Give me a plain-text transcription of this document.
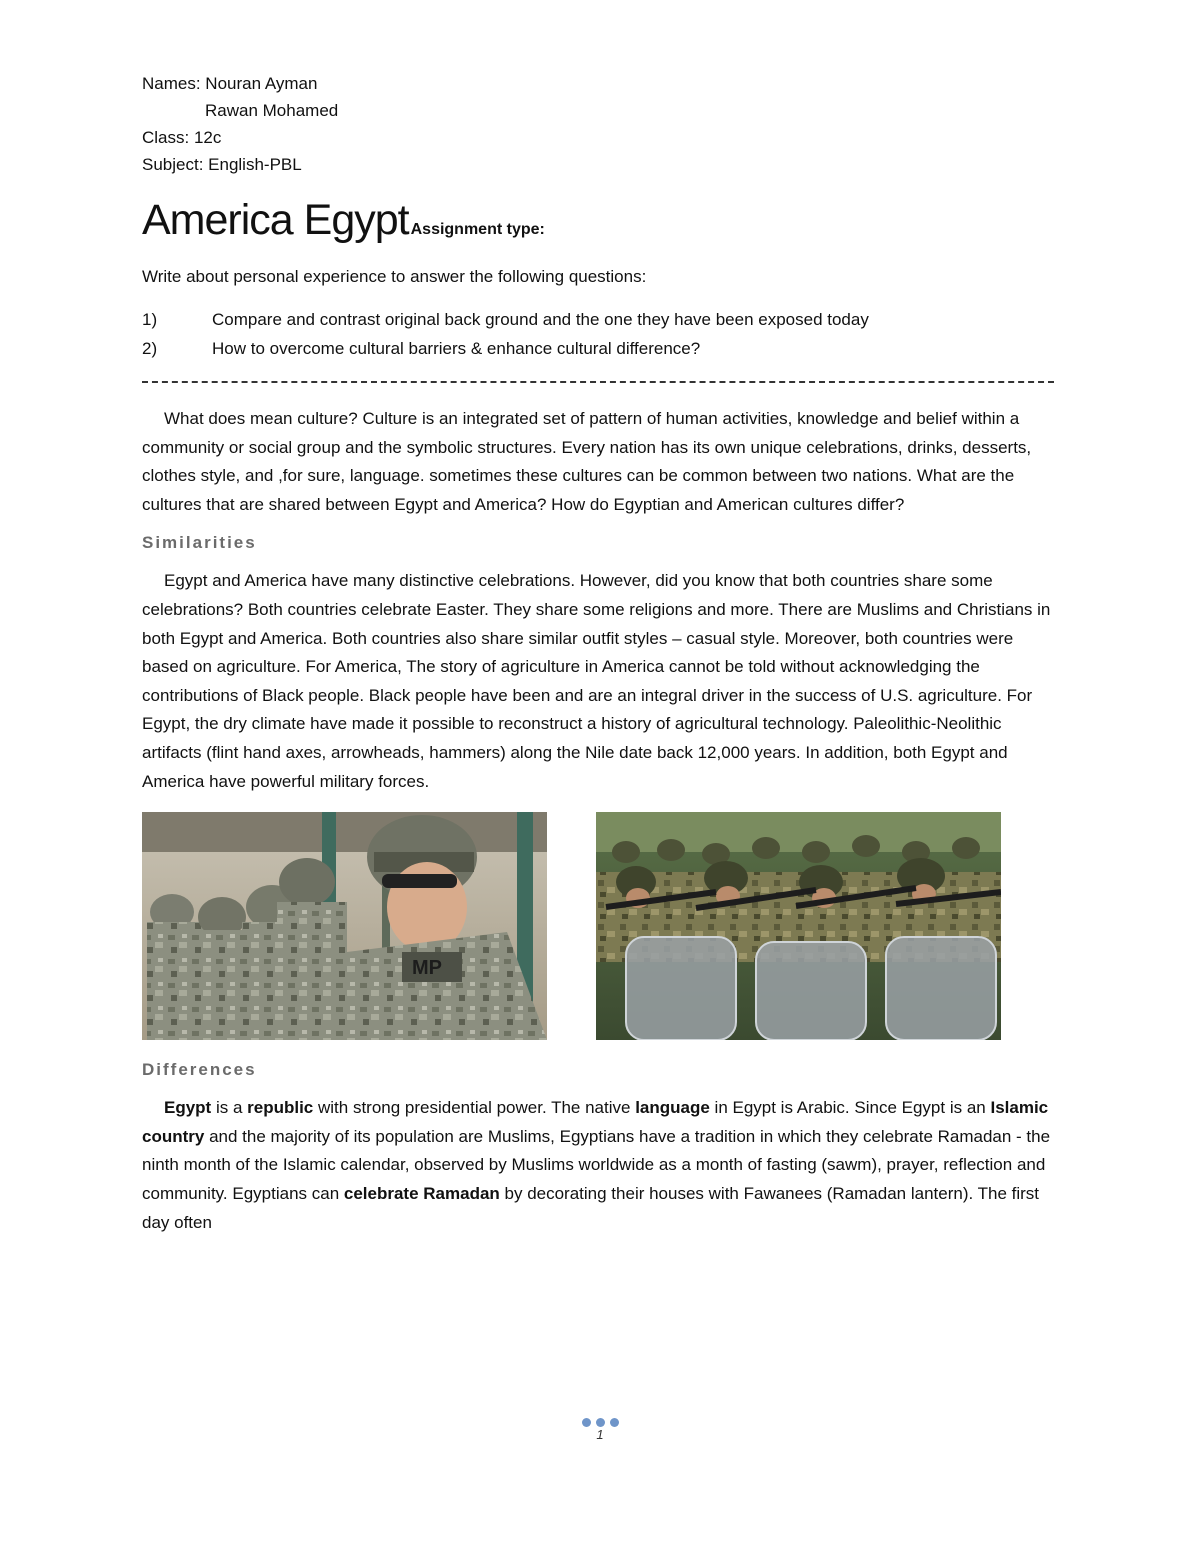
Names: Nouran Ayman

Rawan Mohamed

Class: 12c

Subject: English-PBL

America Egypt Assignment type:
Write about personal experience to answer the following questions:
1)	Compare and contrast original back ground and the one they have been exposed today
2)	How to overcome cultural barriers & enhance cultural difference?

What does mean culture? Culture is an integrated set of pattern of human activities, knowledge and belief within a community or social group and the symbolic structures. Every nation has its own unique celebrations, drinks, desserts, clothes style, and ,for sure, language. sometimes these cultures can be common between two nations. What are the cultures that are shared between Egypt and America? How do Egyptian and American cultures differ?

Similarities

Egypt and America have many distinctive celebrations. However, did you know that both countries share some celebrations? Both countries celebrate Easter. They share some religions and more. There are Muslims and Christians in both Egypt and America. Both countries also share similar outfit styles – casual style. Moreover, both countries were based on agriculture. For America, The story of agriculture in America cannot be told without acknowledging the contributions of Black people. Black people have been and are an integral driver in the success of U.S. agriculture. For Egypt, the dry climate have made it possible to reconstruct a history of agricultural technology. Paleolithic-Neolithic artifacts (flint hand axes, arrowheads, hammers) along the Nile date back 12,000 years. In addition, both Egypt and America have powerful military forces.

MP
Differences

Egypt is a republic with strong presidential power. The native language in Egypt is Arabic. Since Egypt is an Islamic country and the majority of its population are Muslims, Egyptians have a tradition in which they celebrate Ramadan - the ninth month of the Islamic calendar, observed by Muslims worldwide as a month of fasting (sawm), prayer, reflection and community. Egyptians can celebrate Ramadan by decorating their houses with Fawanees (Ramadan lantern). The first day often

1
